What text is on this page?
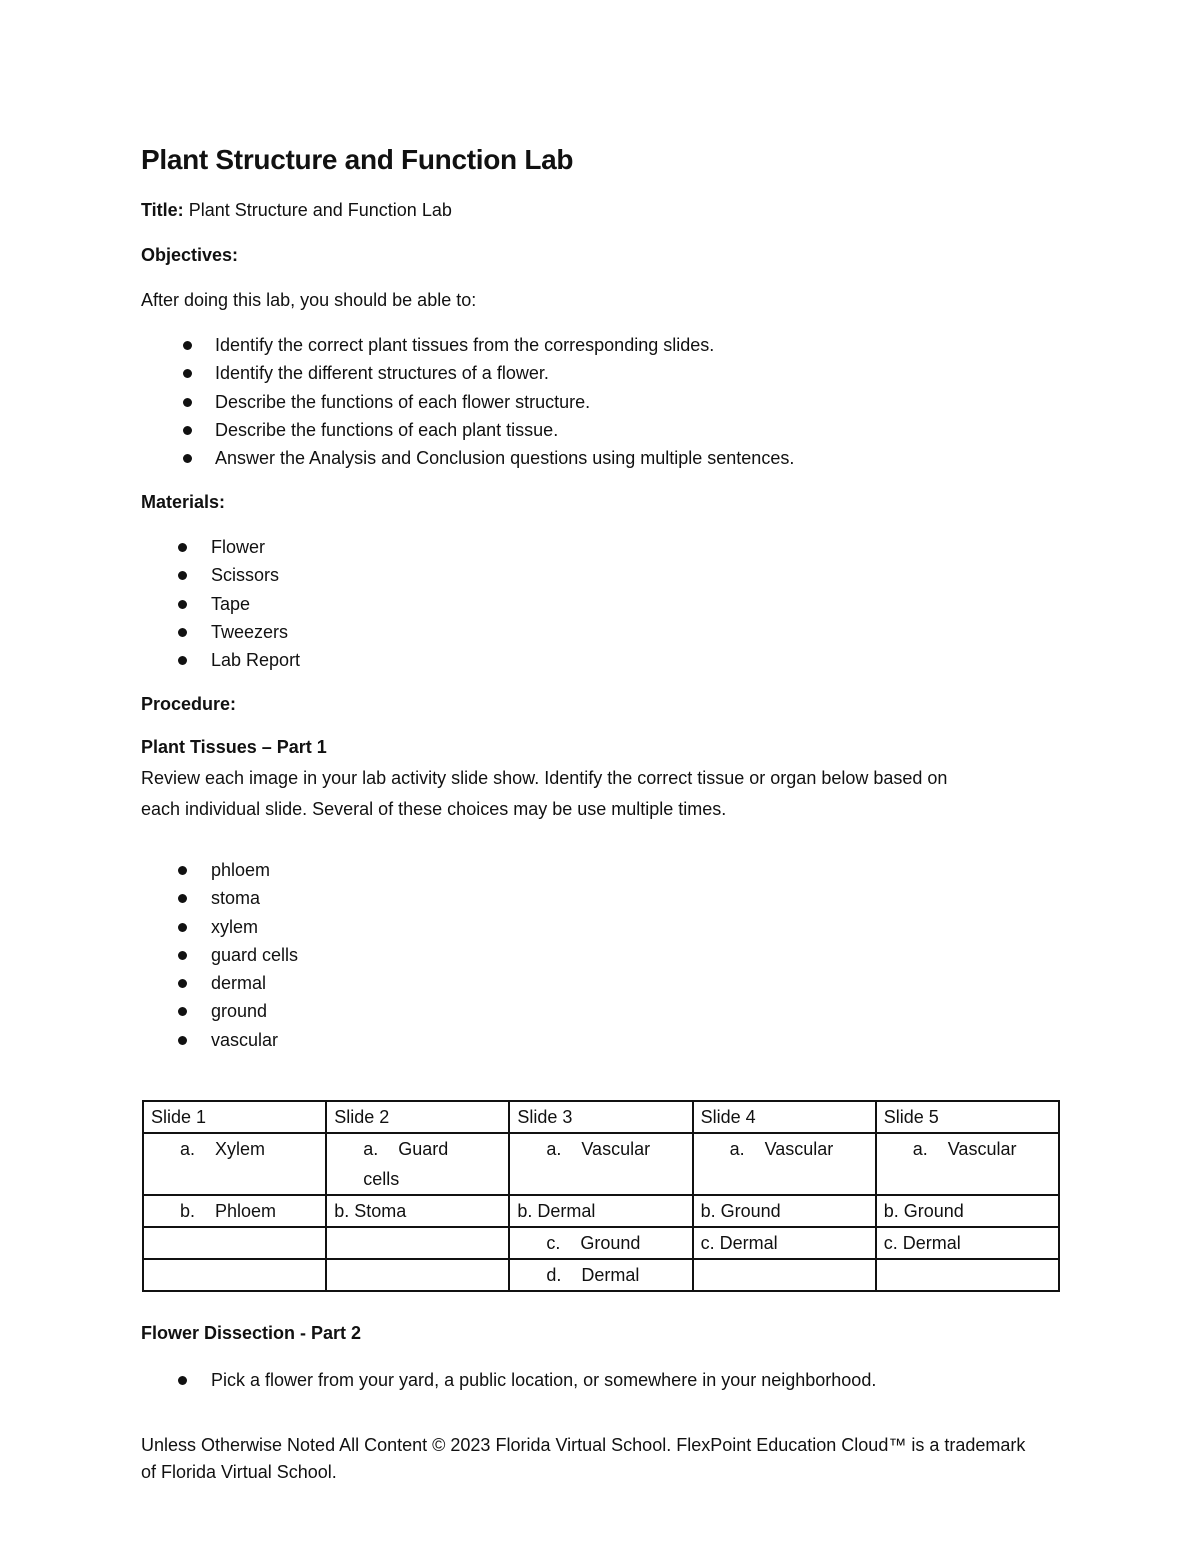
Plant Structure and Function Lab
Title: Plant Structure and Function Lab
Objectives:
After doing this lab, you should be able to:
Identify the correct plant tissues from the corresponding slides.
Identify the different structures of a flower.
Describe the functions of each flower structure.
Describe the functions of each plant tissue.
Answer the Analysis and Conclusion questions using multiple sentences.
Materials:
Flower
Scissors
Tape
Tweezers
Lab Report
Procedure:
Plant Tissues – Part 1
Review each image in your lab activity slide show. Identify the correct tissue or organ below based on
each individual slide. Several of these choices may be use multiple times.
phloem
stoma
xylem
guard cells
dermal
ground
vascular
Slide 1	Slide 2	Slide 3	Slide 4	Slide 5
a.    Xylem	a.    Guard cells	a.    Vascular	a.    Vascular	a.    Vascular
b.    Phloem	b. Stoma	b. Dermal	b. Ground	b. Ground
		c.    Ground	c. Dermal	c. Dermal
		d.    Dermal		
Flower Dissection - Part 2
Pick a flower from your yard, a public location, or somewhere in your neighborhood.
Unless Otherwise Noted All Content © 2023 Florida Virtual School. FlexPoint Education Cloud™ is a trademark of Florida Virtual School.
